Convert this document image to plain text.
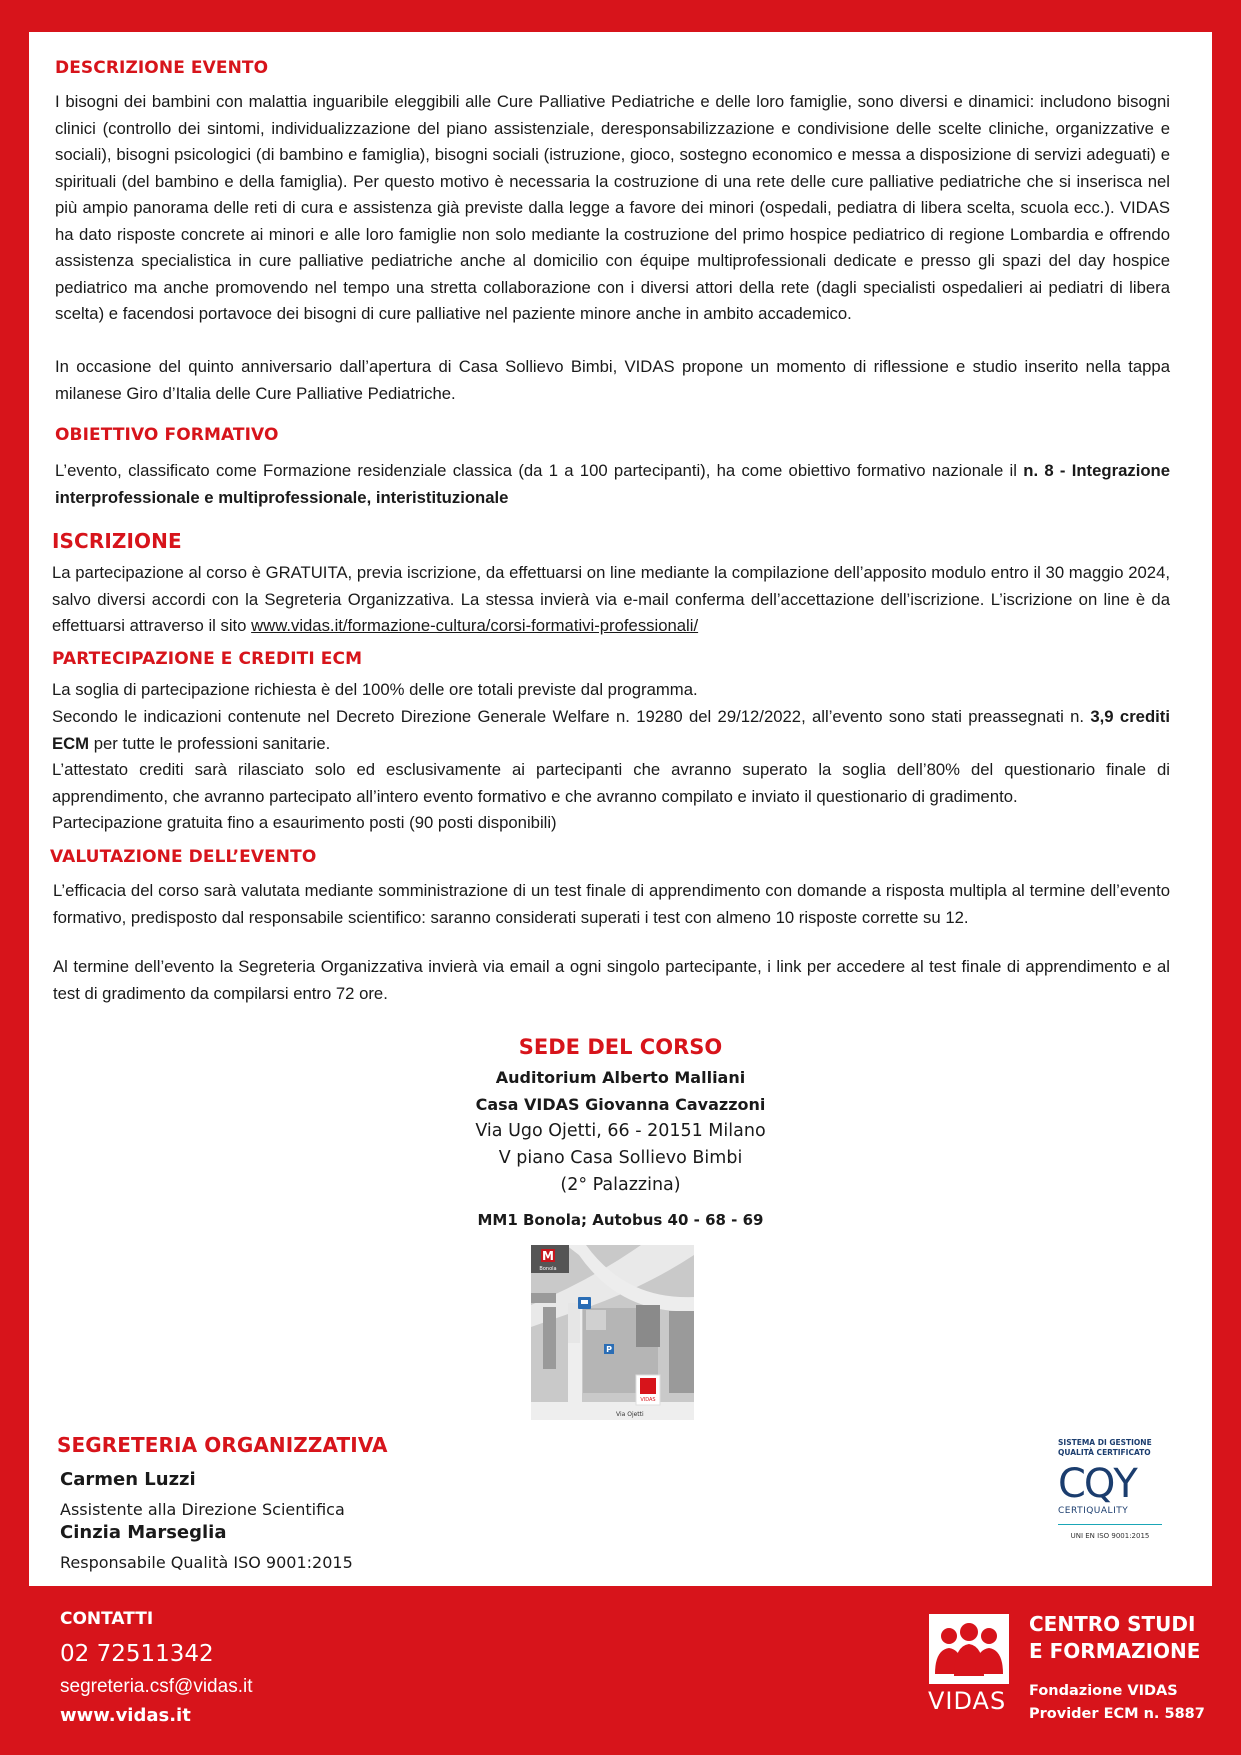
DESCRIZIONE EVENTO

I bisogni dei bambini con malattia inguaribile eleggibili alle Cure Palliative Pediatriche e delle loro famiglie, sono diversi e dinamici: includono bisogni clinici (controllo dei sintomi, individualizzazione del piano assistenziale, deresponsabilizzazione e condivisione delle scelte cliniche, organizzative e sociali), bisogni psicologici (di bambino e famiglia), bisogni sociali (istruzione, gioco, sostegno economico e messa a disposizione di servizi adeguati) e spirituali (del bambino e della famiglia). Per questo motivo è necessaria la costruzione di una rete delle cure palliative pediatriche che si inserisca nel più ampio panorama delle reti di cura e assistenza già previste dalla legge a favore dei minori (ospedali, pediatra di libera scelta, scuola ecc.). VIDAS ha dato risposte concrete ai minori e alle loro famiglie non solo mediante la costruzione del primo hospice pediatrico di regione Lombardia e offrendo assistenza specialistica in cure palliative pediatriche anche al domicilio con équipe multiprofessionali dedicate e presso gli spazi del day hospice pediatrico ma anche promovendo nel tempo una stretta collaborazione con i diversi attori della rete (dagli specialisti ospedalieri ai pediatri di libera scelta) e facendosi portavoce dei bisogni di cure palliative nel paziente minore anche in ambito accademico.

In occasione del quinto anniversario dall’apertura di Casa Sollievo Bimbi, VIDAS propone un momento di riflessione e studio inserito nella tappa milanese Giro d’Italia delle Cure Palliative Pediatriche.

OBIETTIVO FORMATIVO

L’evento, classificato come Formazione residenziale classica (da 1 a 100 partecipanti), ha come obiettivo formativo nazionale il n. 8 - Integrazione interprofessionale e multiprofessionale, interistituzionale

ISCRIZIONE

La partecipazione al corso è GRATUITA, previa iscrizione, da effettuarsi on line mediante la compilazione dell’apposito modulo entro il 30 maggio 2024, salvo diversi accordi con la Segreteria Organizzativa. La stessa invierà via e-mail conferma dell’accettazione dell’iscrizione. L’iscrizione on line è da effettuarsi attraverso il sito www.vidas.it/formazione-cultura/corsi-formativi-professionali/

PARTECIPAZIONE E CREDITI ECM

La soglia di partecipazione richiesta è del 100% delle ore totali previste dal programma.

Secondo le indicazioni contenute nel Decreto Direzione Generale Welfare n. 19280 del 29/12/2022, all’evento sono stati preassegnati n. 3,9 crediti ECM per tutte le professioni sanitarie.

L’attestato crediti sarà rilasciato solo ed esclusivamente ai partecipanti che avranno superato la soglia dell’80% del questionario finale di apprendimento, che avranno partecipato all’intero evento formativo e che avranno compilato e inviato il questionario di gradimento.

Partecipazione gratuita fino a esaurimento posti (90 posti disponibili)

VALUTAZIONE DELL’EVENTO

L’efficacia del corso sarà valutata mediante somministrazione di un test finale di apprendimento con domande a risposta multipla al termine dell’evento formativo, predisposto dal responsabile scientifico: saranno considerati superati i test con almeno 10 risposte corrette su 12.

Al termine dell’evento la Segreteria Organizzativa invierà via email a ogni singolo partecipante, i link per accedere al test finale di apprendimento e al test di gradimento da compilarsi entro 72 ore.

SEDE DEL CORSO
Auditorium Alberto Malliani
Casa VIDAS Giovanna Cavazzoni
Via Ugo Ojetti, 66 - 20151 Milano
V piano Casa Sollievo Bimbi
(2° Palazzina)
MM1 Bonola; Autobus 40 - 68 - 69
M
Bonola
P
VIDAS
Via Ojetti
SEGRETERIA ORGANIZZATIVA

Carmen Luzzi

Assistente alla Direzione Scientifica

Cinzia Marseglia

Responsabile Qualità ISO 9001:2015

SISTEMA DI GESTIONE
QUALITÀ CERTIFICATO
CQY
CERTIQUALITY
UNI EN ISO 9001:2015

CONTATTI

02 72511342

segreteria.csf@vidas.it

www.vidas.it

VIDAS

CENTRO STUDI

E FORMAZIONE

Fondazione VIDAS

Provider ECM n. 5887
